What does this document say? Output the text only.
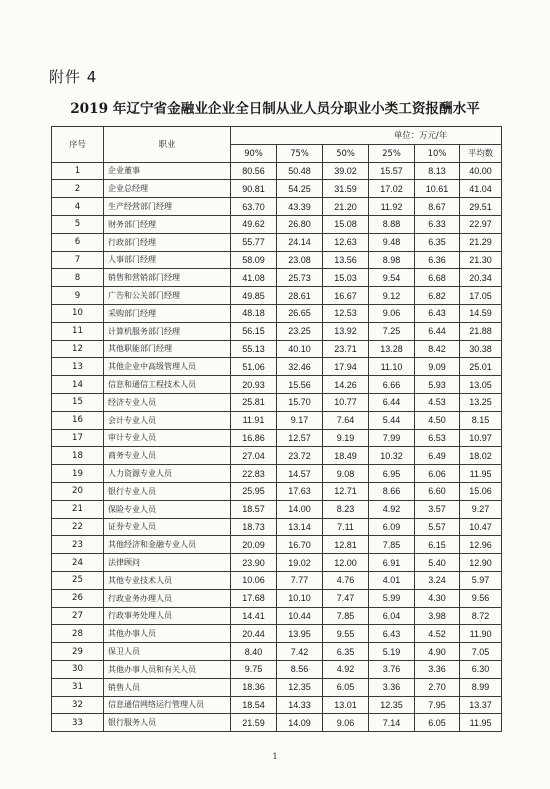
附件 4
2019 年辽宁省金融业企业全日制从业人员分职业小类工资报酬水平
序号	职业	单位：万元/年					
		90%	75%	50%	25%	10%	平均数
1	企业董事	80.56	50.48	39.02	15.57	8.13	40.00
2	企业总经理	90.81	54.25	31.59	17.02	10.61	41.04
4	生产经营部门经理	63.70	43.39	21.20	11.92	8.67	29.51
5	财务部门经理	49.62	26.80	15.08	8.88	6.33	22.97
6	行政部门经理	55.77	24.14	12.63	9.48	6.35	21.29
7	人事部门经理	58.09	23.08	13.56	8.98	6.36	21.30
8	销售和营销部门经理	41.08	25.73	15.03	9.54	6.68	20.34
9	广告和公关部门经理	49.85	28.61	16.67	9.12	6.82	17.05
10	采购部门经理	48.18	26.65	12.53	9.06	6.43	14.59
11	计算机服务部门经理	56.15	23.25	13.92	7.25	6.44	21.88
12	其他职能部门经理	55.13	40.10	23.71	13.28	8.42	30.38
13	其他企业中高级管理人员	51.06	32.46	17.94	11.10	9.09	25.01
14	信息和通信工程技术人员	20.93	15.56	14.26	6.66	5.93	13.05
15	经济专业人员	25.81	15.70	10.77	6.44	4.53	13.25
16	会计专业人员	11.91	9.17	7.64	5.44	4.50	8.15
17	审计专业人员	16.86	12.57	9.19	7.99	6.53	10.97
18	商务专业人员	27.04	23.72	18.49	10.32	6.49	18.02
19	人力资源专业人员	22.83	14.57	9.08	6.95	6.06	11.95
20	银行专业人员	25.95	17.63	12.71	8.66	6.60	15.06
21	保险专业人员	18.57	14.00	8.23	4.92	3.57	9.27
22	证券专业人员	18.73	13.14	7.11	6.09	5.57	10.47
23	其他经济和金融专业人员	20.09	16.70	12.81	7.85	6.15	12.96
24	法律顾问	23.90	19.02	12.00	6.91	5.40	12.90
25	其他专业技术人员	10.06	7.77	4.76	4.01	3.24	5.97
26	行政业务办理人员	17.68	10.10	7.47	5.99	4.30	9.56
27	行政事务处理人员	14.41	10.44	7.85	6.04	3.98	8.72
28	其他办事人员	20.44	13.95	9.55	6.43	4.52	11.90
29	保卫人员	8.40	7.42	6.35	5.19	4.90	7.05
30	其他办事人员和有关人员	9.75	8.56	4.92	3.76	3.36	6.30
31	销售人员	18.36	12.35	6.05	3.36	2.70	8.99
32	信息通信网络运行管理人员	18.54	14.33	13.01	12.35	7.95	13.37
33	银行服务人员	21.59	14.09	9.06	7.14	6.05	11.95
1
